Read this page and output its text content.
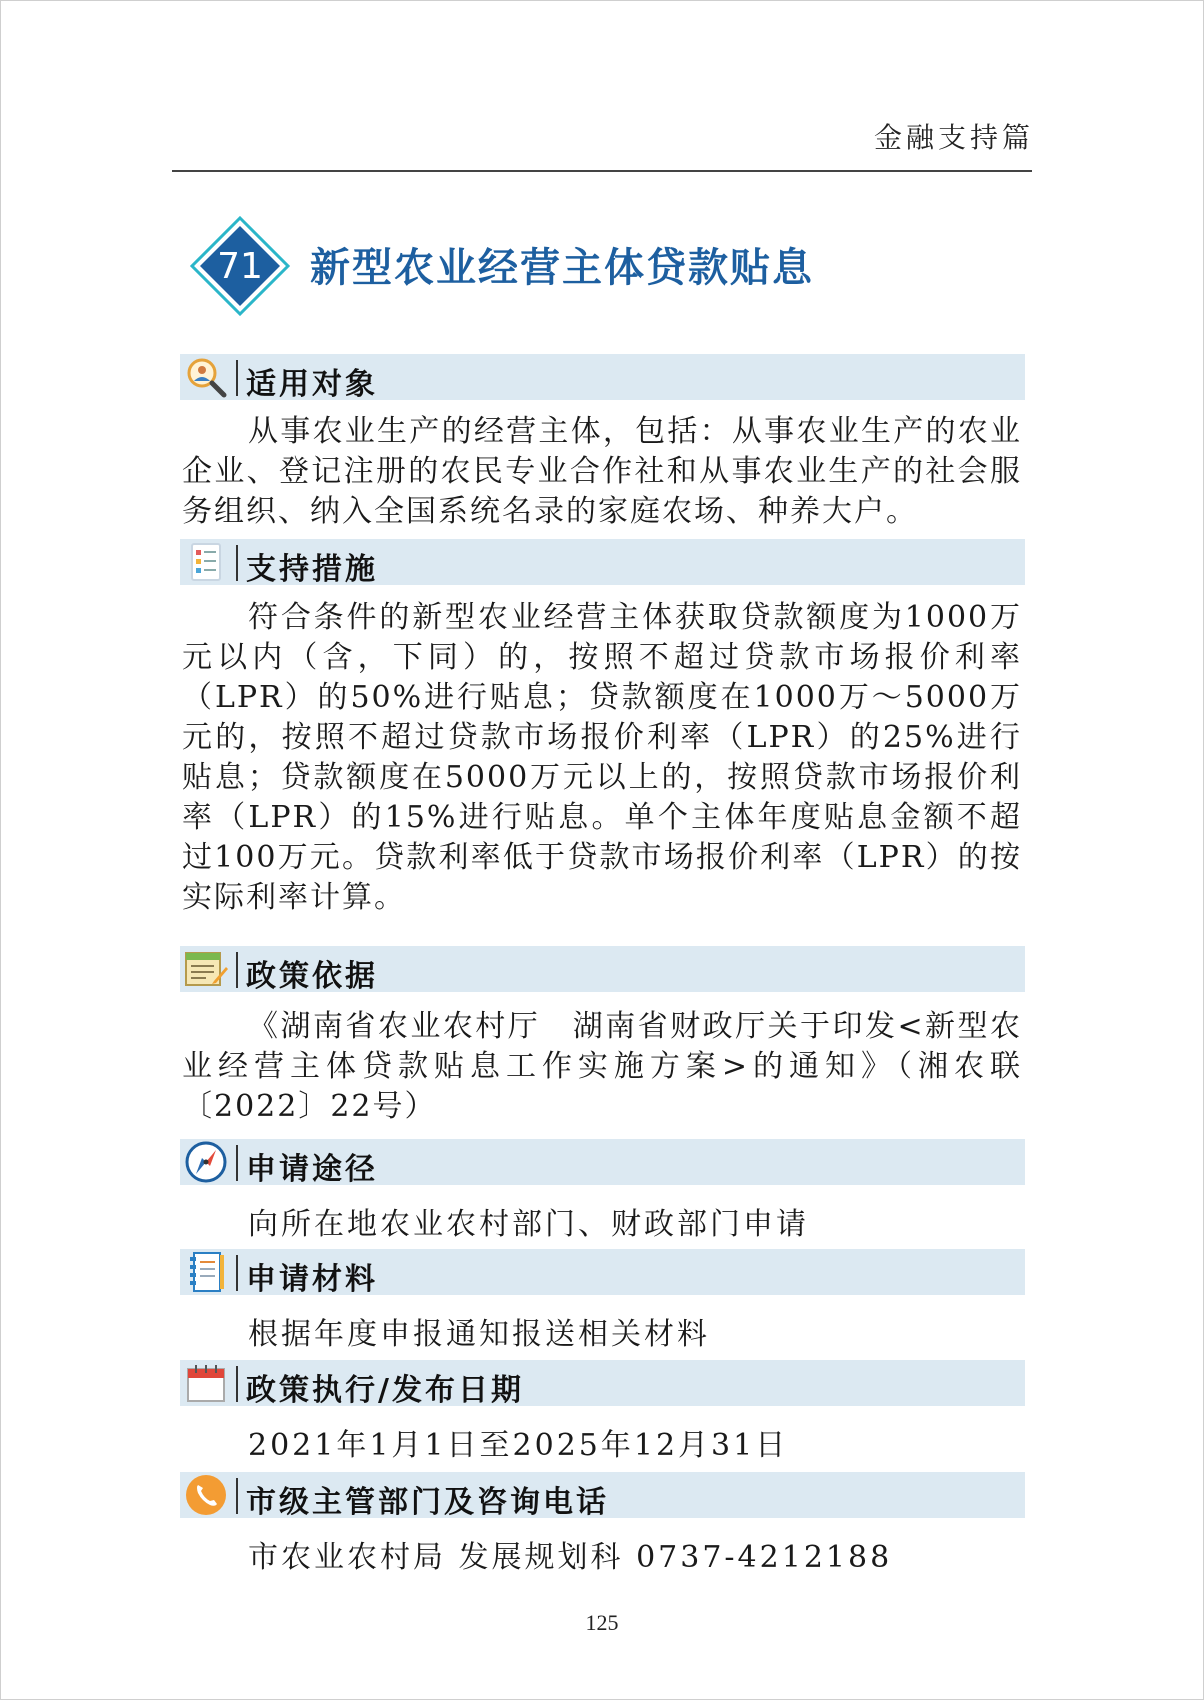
金融支持篇
71 新型农业经营主体贷款贴息
适用对象
从事农业生产的经营主体，包括：从事农业生产的农业企业、登记注册的农民专业合作社和从事农业生产的社会服务组织、纳入全国系统名录的家庭农场、种养大户。
支持措施
符合条件的新型农业经营主体获取贷款额度为1000万元以内（含，下同）的，按照不超过贷款市场报价利率（LPR）的50%进行贴息；贷款额度在1000万～5000万元的，按照不超过贷款市场报价利率（LPR）的25%进行贴息；贷款额度在5000万元以上的，按照贷款市场报价利率（LPR）的15%进行贴息。单个主体年度贴息金额不超过100万元。贷款利率低于贷款市场报价利率（LPR）的按实际利率计算。
政策依据
《湖南省农业农村厅　湖南省财政厅关于印发<新型农业经营主体贷款贴息工作实施方案>的通知》（湘农联〔2022〕22号）
申请途径
向所在地农业农村部门、财政部门申请
申请材料
根据年度申报通知报送相关材料
政策执行/发布日期
2021年1月1日至2025年12月31日
市级主管部门及咨询电话
市农业农村局 发展规划科 0737-4212188
125
